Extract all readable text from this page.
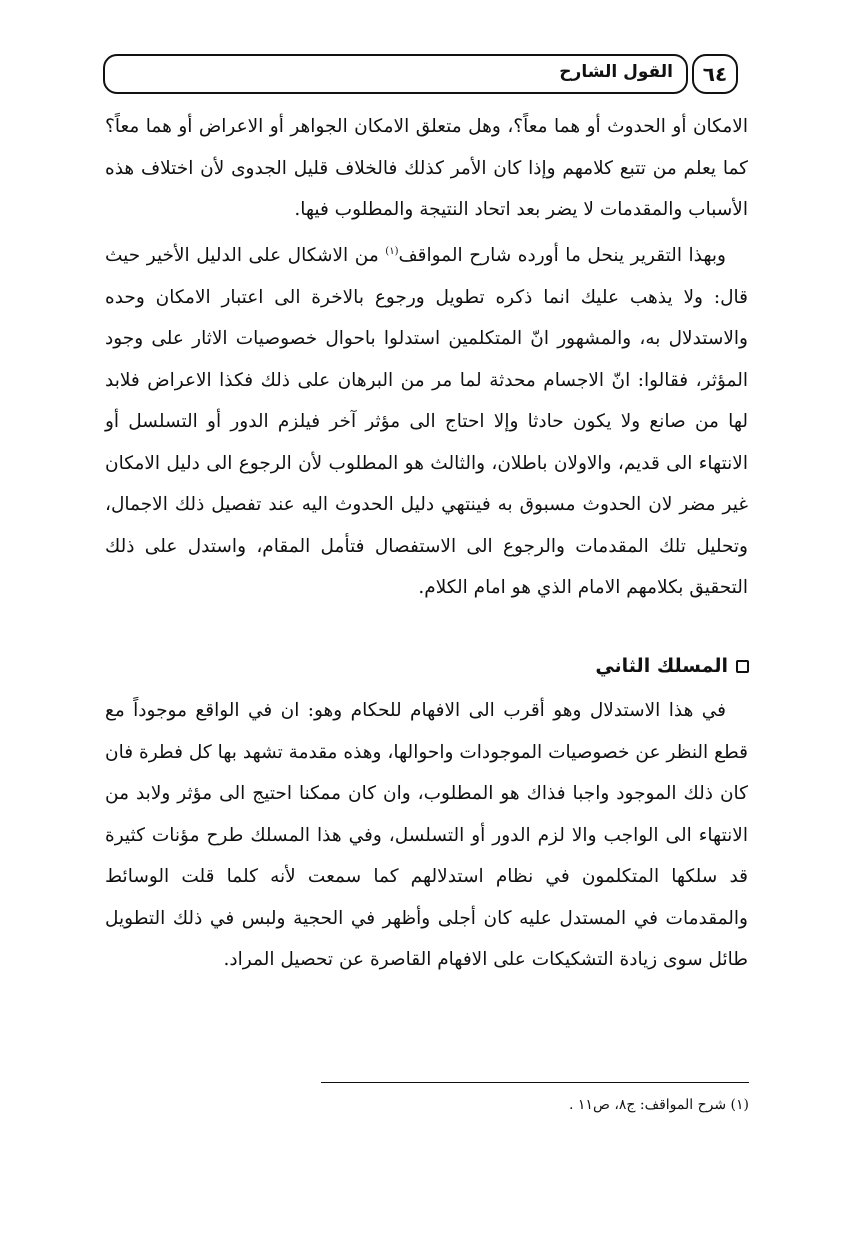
٦٤
القول الشارح

الامكان أو الحدوث أو هما معاً؟، وهل متعلق الامكان الجواهر أو الاعراض أو هما معاً؟ كما يعلم من تتبع كلامهم وإذا كان الأمر كذلك فالخلاف قليل الجدوى لأن اختلاف هذه الأسباب والمقدمات لا يضر بعد اتحاد النتيجة والمطلوب فيها.

وبهذا التقرير ينحل ما أورده شارح المواقف$^{(١)}$ من الاشكال على الدليل الأخير حيث قال: ولا يذهب عليك انما ذكره تطويل ورجوع بالاخرة الى اعتبار الامكان وحده والاستدلال به، والمشهور انّ المتكلمين استدلوا باحوال خصوصيات الاثار على وجود المؤثر، فقالوا: انّ الاجسام محدثة لما مر من البرهان على ذلك فكذا الاعراض فلابد لها من صانع ولا يكون حادثا وإلا احتاج الى مؤثر آخر فيلزم الدور أو التسلسل أو الانتهاء الى قديم، والاولان باطلان، والثالث هو المطلوب لأن الرجوع الى دليل الامكان غير مضر لان الحدوث مسبوق به فينتهي دليل الحدوث اليه عند تفصيل ذلك الاجمال، وتحليل تلك المقدمات والرجوع الى الاستفصال فتأمل المقام، واستدل على ذلك التحقيق بكلامهم الامام الذي هو امام الكلام.

المسلك الثاني

في هذا الاستدلال وهو أقرب الى الافهام للحكام وهو: ان في الواقع موجوداً مع قطع النظر عن خصوصيات الموجودات واحوالها، وهذه مقدمة تشهد بها كل فطرة فان كان ذلك الموجود واجبا فذاك هو المطلوب، وان كان ممكنا احتيج الى مؤثر ولابد من الانتهاء الى الواجب والا لزم الدور أو التسلسل، وفي هذا المسلك طرح مؤنات كثيرة قد سلكها المتكلمون في نظام استدلالهم كما سمعت لأنه كلما قلت الوسائط والمقدمات في المستدل عليه كان أجلى وأظهر في الحجية ولبس في ذلك التطويل طائل سوى زيادة التشكيكات على الافهام القاصرة عن تحصيل المراد.

(١) شرح المواقف: ج٨، ص١١ .
